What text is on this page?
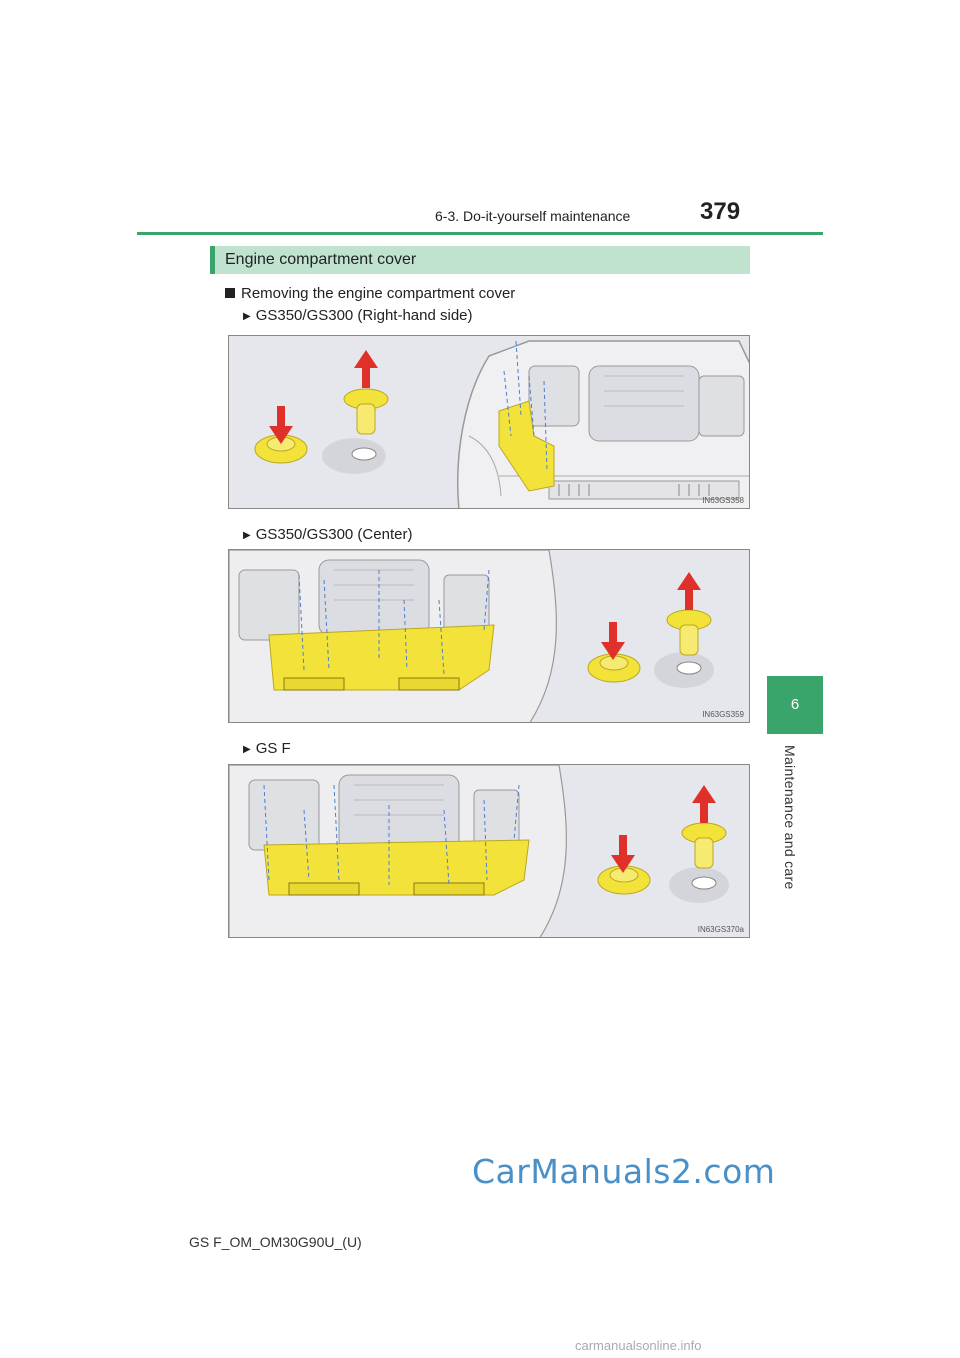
6-3. Do-it-yourself maintenance	379
6
Maintenance and care
Engine compartment cover
Removing the engine compartment cover
▶ GS350/GS300 (Right-hand side)
IN63GS358
▶ GS350/GS300 (Center)
IN63GS359
▶ GS F
IN63GS370a
GS F_OM_OM30G90U_(U)
CarManuals2.com
carmanualsonline.info
